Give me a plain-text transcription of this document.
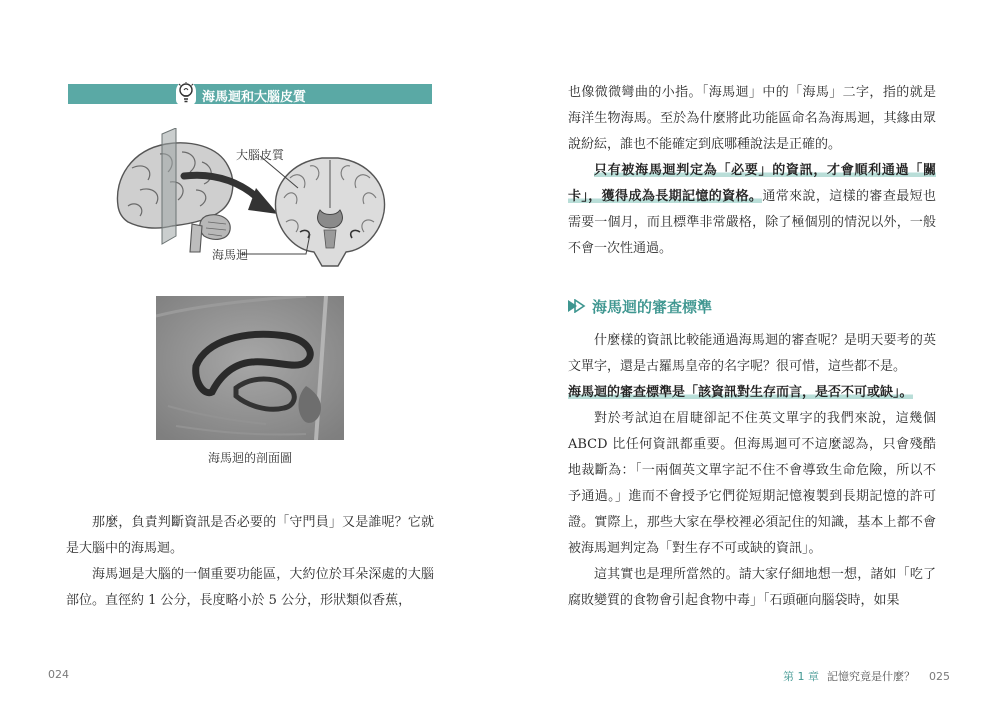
海馬迴和大腦皮質
大腦皮質
海馬迴
海馬迴的剖面圖

那麼，負責判斷資訊是否必要的「守門員」又是誰呢？它就是大腦中的海馬迴。

海馬迴是大腦的一個重要功能區，大約位於耳朵深處的大腦部位。直徑約 1 公分，長度略小於 5 公分，形狀類似香蕉，

024

也像微微彎曲的小指。「海馬迴」中的「海馬」二字，指的就是海洋生物海馬。至於為什麼將此功能區命名為海馬迴，其緣由眾說紛紜，誰也不能確定到底哪種說法是正確的。

只有被海馬迴判定為「必要」的資訊，才會順利通過「關卡」，獲得成為長期記憶的資格。通常來說，這樣的審查最短也需要一個月，而且標準非常嚴格，除了極個別的情況以外，一般不會一次性通過。

海馬迴的審查標準

什麼樣的資訊比較能通過海馬迴的審查呢？是明天要考的英文單字，還是古羅馬皇帝的名字呢？很可惜，這些都不是。

海馬迴的審查標準是「該資訊對生存而言，是否不可或缺」。

對於考試迫在眉睫卻記不住英文單字的我們來說，這幾個 ABCD 比任何資訊都重要。但海馬迴可不這麼認為，只會殘酷地裁斷為：「一兩個英文單字記不住不會導致生命危險，所以不予通過。」進而不會授予它們從短期記憶複製到長期記憶的許可證。實際上，那些大家在學校裡必須記住的知識，基本上都不會被海馬迴判定為「對生存不可或缺的資訊」。

這其實也是理所當然的。請大家仔細地想一想，諸如「吃了腐敗變質的食物會引起食物中毒」「石頭砸向腦袋時，如果

第 1 章 記憶究竟是什麼？ 025
